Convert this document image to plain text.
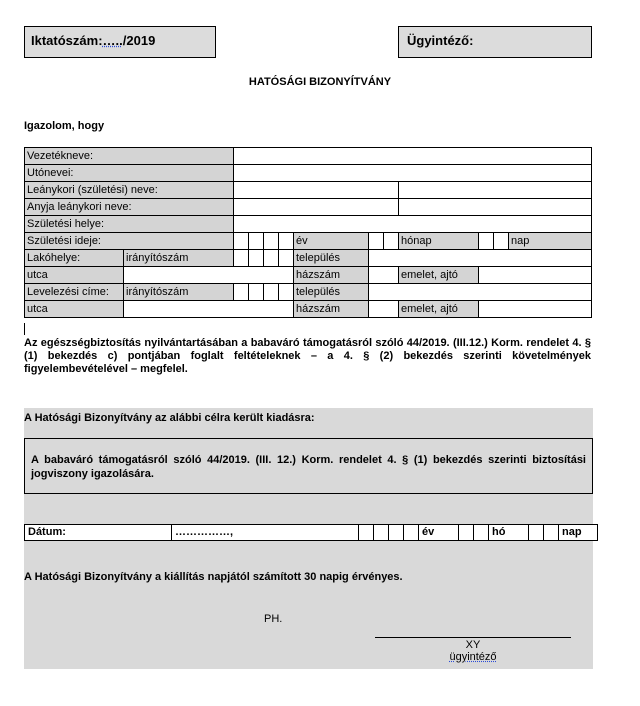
Iktatószám:…../2019	Ügyintéző:
HATÓSÁGI BIZONYÍTVÁNY
Igazolom, hogy
Vezetékneve:												
Utónevei:												
Leánykori (születési) neve:												
Anyja leánykori neve:												
Születési helye:												
Születési ideje:						év			hónap			nap
Lakóhelye:	irányítószám					település						
utca						házszám			emelet, ajtó			
Levelezési címe:	irányítószám					település						
utca						házszám			emelet, ajtó			
Az egészségbiztosítás nyilvántartásában a babaváró támogatásról szóló 44/2019. (III.12.) Korm. rendelet 4. § (1) bekezdés c) pontjában foglalt feltételeknek – a 4. § (2) bekezdés szerinti követelmények figyelembevételével – megfelel.
A Hatósági Bizonyítvány az alábbi célra került kiadásra:
A babaváró támogatásról szóló 44/2019. (III. 12.) Korm. rendelet 4. § (1) bekezdés szerinti biztosítási jogviszony igazolására.
Dátum:	……………,					év			hó			nap
A Hatósági Bizonyítvány a kiállítás napjától számított 30 napig érvényes.
PH.
XY
ügyintéző
